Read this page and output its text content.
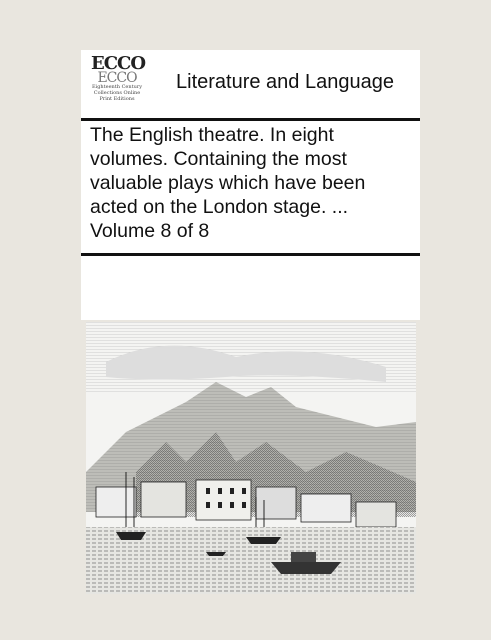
ECCO
ECCO
Eighteenth Century
Collections Online
Print Editions
Literature and Language
The English theatre. In eight volumes. Containing the most valuable plays which have been acted on the London stage. ... Volume 8 of 8
